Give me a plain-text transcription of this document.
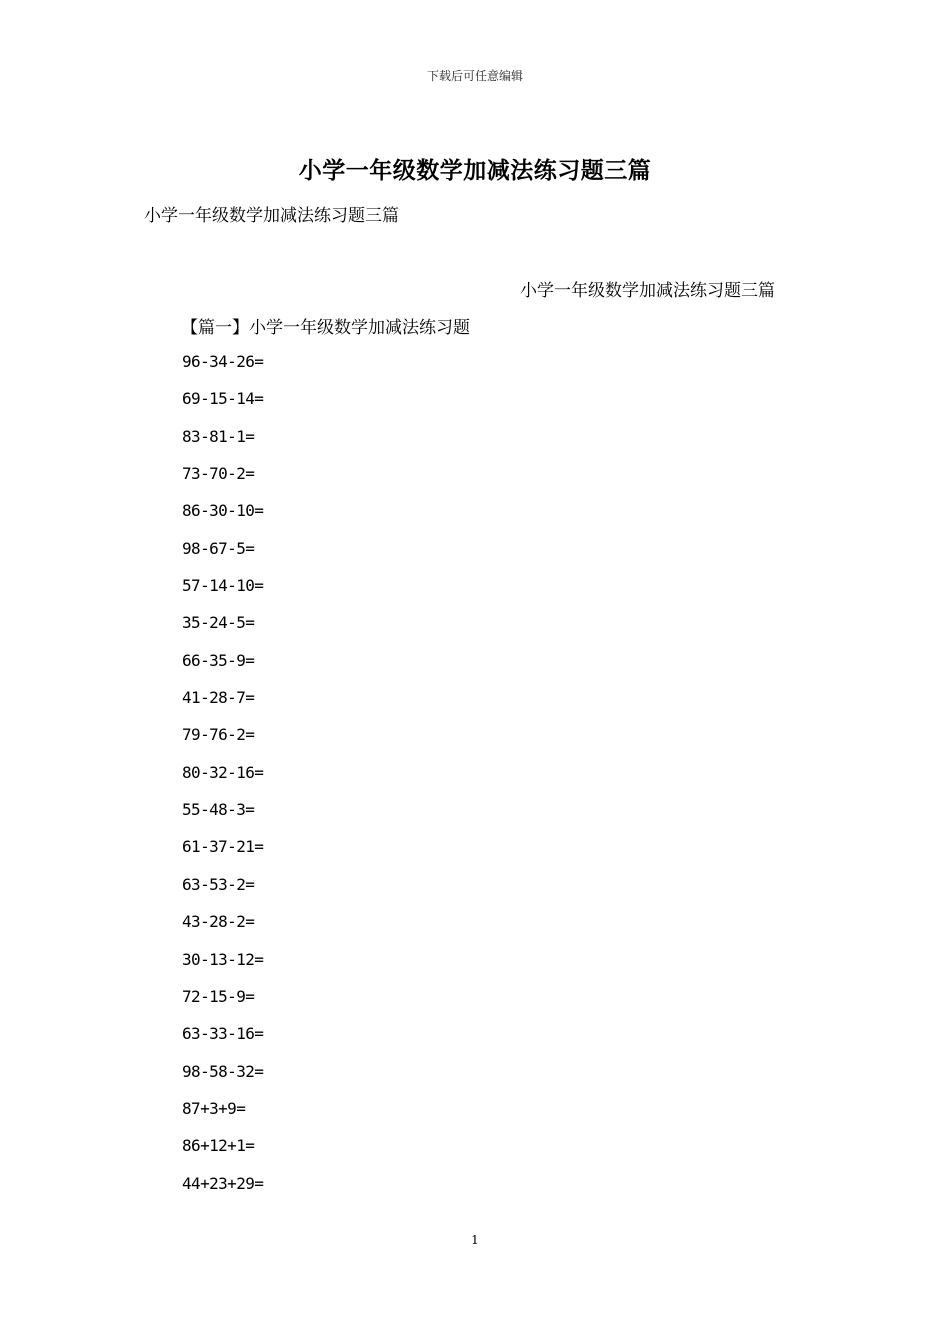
下载后可任意编辑
小学一年级数学加减法练习题三篇
小学一年级数学加减法练习题三篇
小学一年级数学加减法练习题三篇
【篇一】小学一年级数学加减法练习题
96-34-26=
69-15-14=
83-81-1=
73-70-2=
86-30-10=
98-67-5=
57-14-10=
35-24-5=
66-35-9=
41-28-7=
79-76-2=
80-32-16=
55-48-3=
61-37-21=
63-53-2=
43-28-2=
30-13-12=
72-15-9=
63-33-16=
98-58-32=
87+3+9=
86+12+1=
44+23+29=
1
